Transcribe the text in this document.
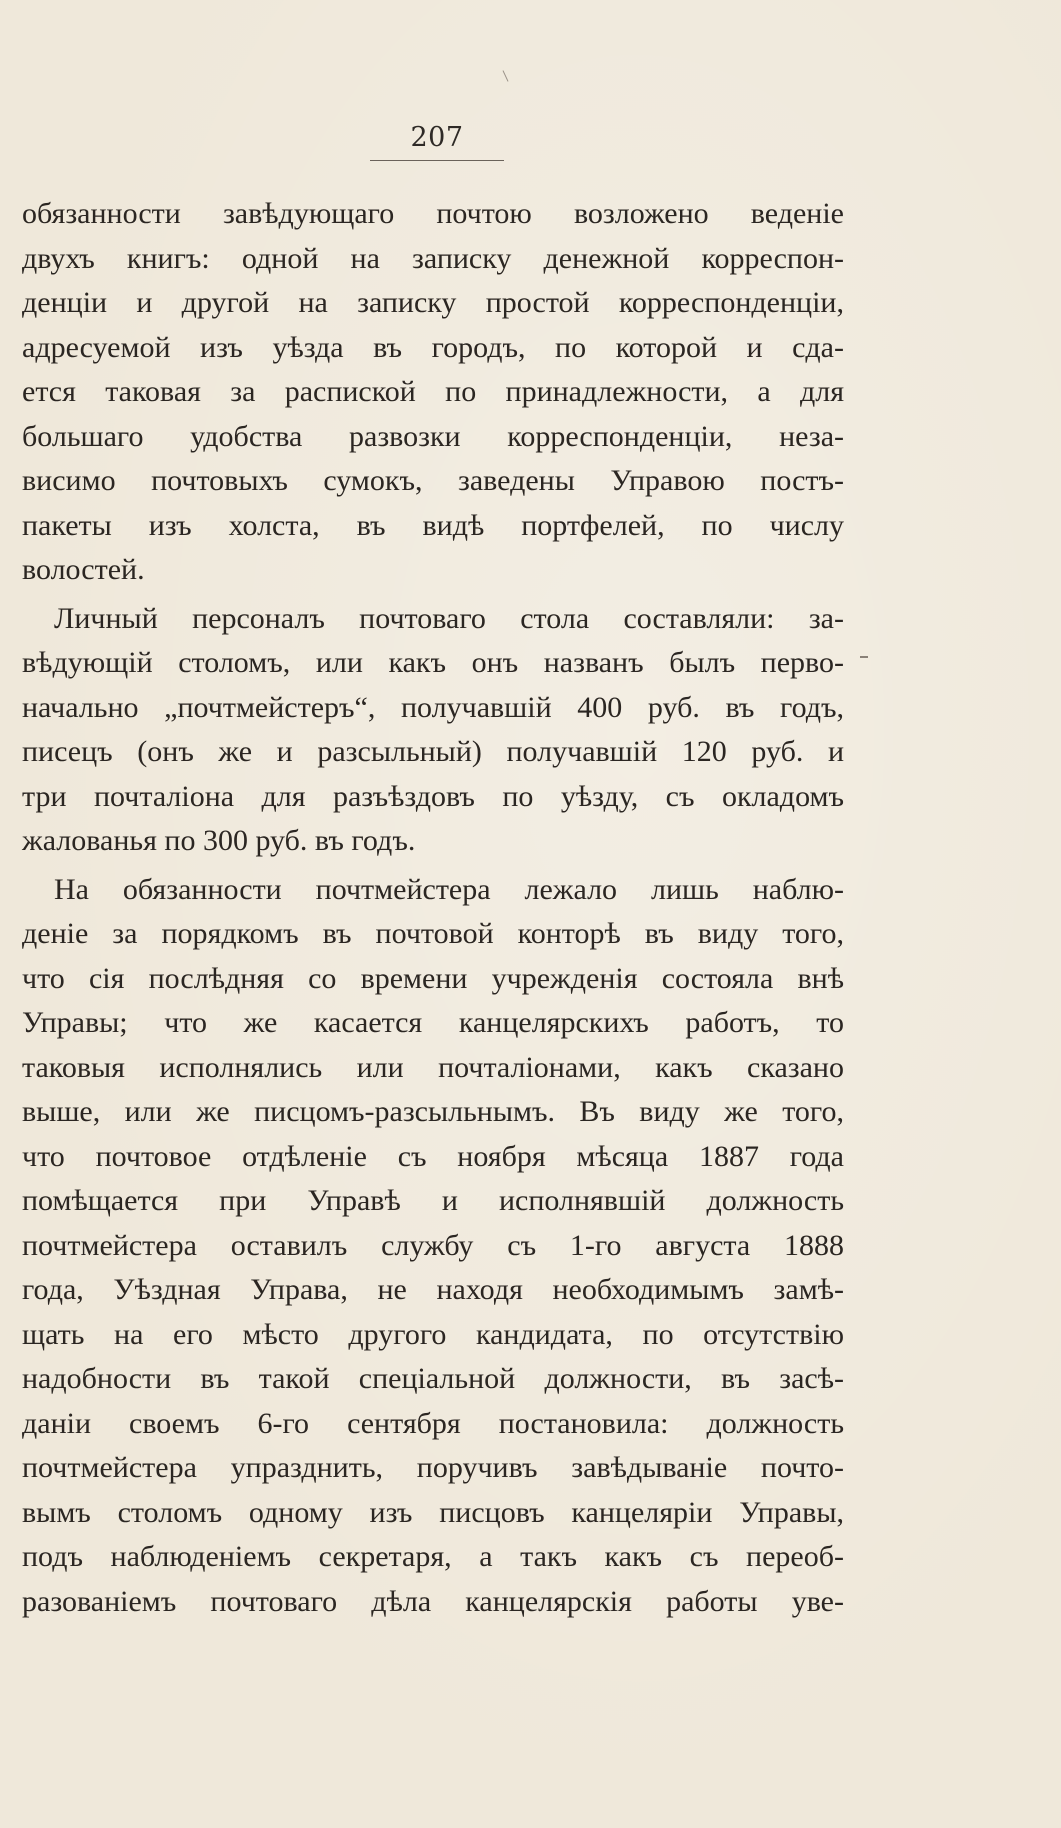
207
обязанности завѣдующаго почтою возложено веденіе
двухъ книгъ: одной на записку денежной корреспон-
денціи и другой на записку простой корреспонденціи,
адресуемой изъ уѣзда въ городъ, по которой и сда-
ется таковая за распиской по принадлежности, а для
большаго удобства развозки корреспонденціи, неза-
висимо почтовыхъ сумокъ, заведены Управою постъ-
пакеты изъ холста, въ видѣ портфелей, по числу
волостей.
Личный персоналъ почтоваго стола составляли: за-
вѣдующій столомъ, или какъ онъ названъ былъ перво-
начально „почтмейстеръ“, получавшій 400 руб. въ годъ,
писецъ (онъ же и разсыльный) получавшій 120 руб. и
три почталіона для разъѣздовъ по уѣзду, съ окладомъ
жалованья по 300 руб. въ годъ.
На обязанности почтмейстера лежало лишь наблю-
деніе за порядкомъ въ почтовой конторѣ въ виду того,
что сія послѣдняя со времени учрежденія состояла внѣ
Управы; что же касается канцелярскихъ работъ, то
таковыя исполнялись или почталіонами, какъ сказано
выше, или же писцомъ-разсыльнымъ. Въ виду же того,
что почтовое отдѣленіе съ ноября мѣсяца 1887 года
помѣщается при Управѣ и исполнявшій должность
почтмейстера оставилъ службу съ 1-го августа 1888
года, Уѣздная Управа, не находя необходимымъ замѣ-
щать на его мѣсто другого кандидата, по отсутствію
надобности въ такой спеціальной должности, въ засѣ-
даніи своемъ 6-го сентября постановила: должность
почтмейстера упразднить, поручивъ завѣдываніе почто-
вымъ столомъ одному изъ писцовъ канцеляріи Управы,
подъ наблюденіемъ секретаря, а такъ какъ съ переоб-
разованіемъ почтоваго дѣла канцелярскія работы уве-
